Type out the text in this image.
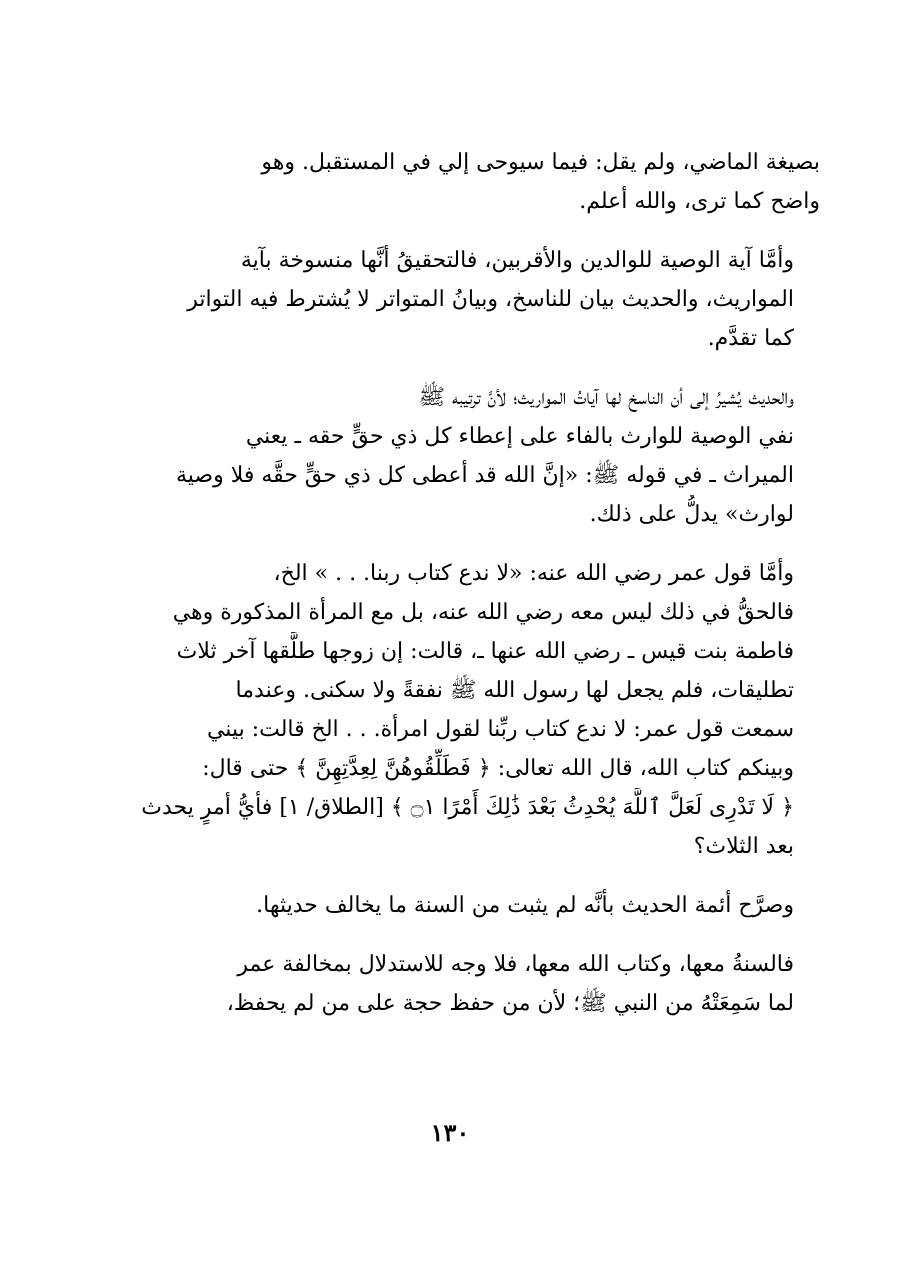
بصيغة الماضي، ولم يقل: فيما سيوحى إلي في المستقبل. وهو
واضح كما ترى، والله أعلم.

وأمَّا آية الوصية للوالدين والأقربين، فالتحقيقُ أنَّها منسوخة بآية
المواريث، والحديث بيان للناسخ، وبيانُ المتواتر لا يُشترط فيه التواتر
كما تقدَّم.

والحديث يُشيرُ إلى أن الناسخ لها آياتُ المواريث؛ لأنَّ ترتيبه ﷺ
نفي الوصية للوارث بالفاء على إعطاء كل ذي حقٍّ حقه ـ يعني
الميراث ـ في قوله ﷺ: «إنَّ الله قد أعطى كل ذي حقٍّ حقَّه فلا وصية
لوارث» يدلُّ على ذلك.

وأمَّا قول عمر رضي الله عنه: «لا ندع كتاب ربنا. . . » الخ،
فالحقُّ في ذلك ليس معه رضي الله عنه، بل مع المرأة المذكورة وهي
فاطمة بنت قيس ـ رضي الله عنها ـ، قالت: إن زوجها طلَّقها آخر ثلاث
تطليقات، فلم يجعل لها رسول الله ﷺ نفقةً ولا سكنى. وعندما
سمعت قول عمر: لا ندع كتاب ربِّنا لقول امرأة. . . الخ قالت: بيني
وبينكم كتاب الله، قال الله تعالى: ﴿ فَطَلِّقُوهُنَّ لِعِدَّتِهِنَّ ﴾ حتى قال:
﴿ لَا تَدْرِى لَعَلَّ ٱللَّهَ يُحْدِثُ بَعْدَ ذَٰلِكَ أَمْرًا ۝١ ﴾ [الطلاق/ ١] فأيُّ أمرٍ يحدث
بعد الثلاث؟

وصرَّح أئمة الحديث بأنَّه لم يثبت من السنة ما يخالف حديثها.

فالسنةُ معها، وكتاب الله معها، فلا وجه للاستدلال بمخالفة عمر
لما سَمِعَتْهُ من النبي ﷺ؛ لأن من حفظ حجة على من لم يحفظ،

١٣٠
